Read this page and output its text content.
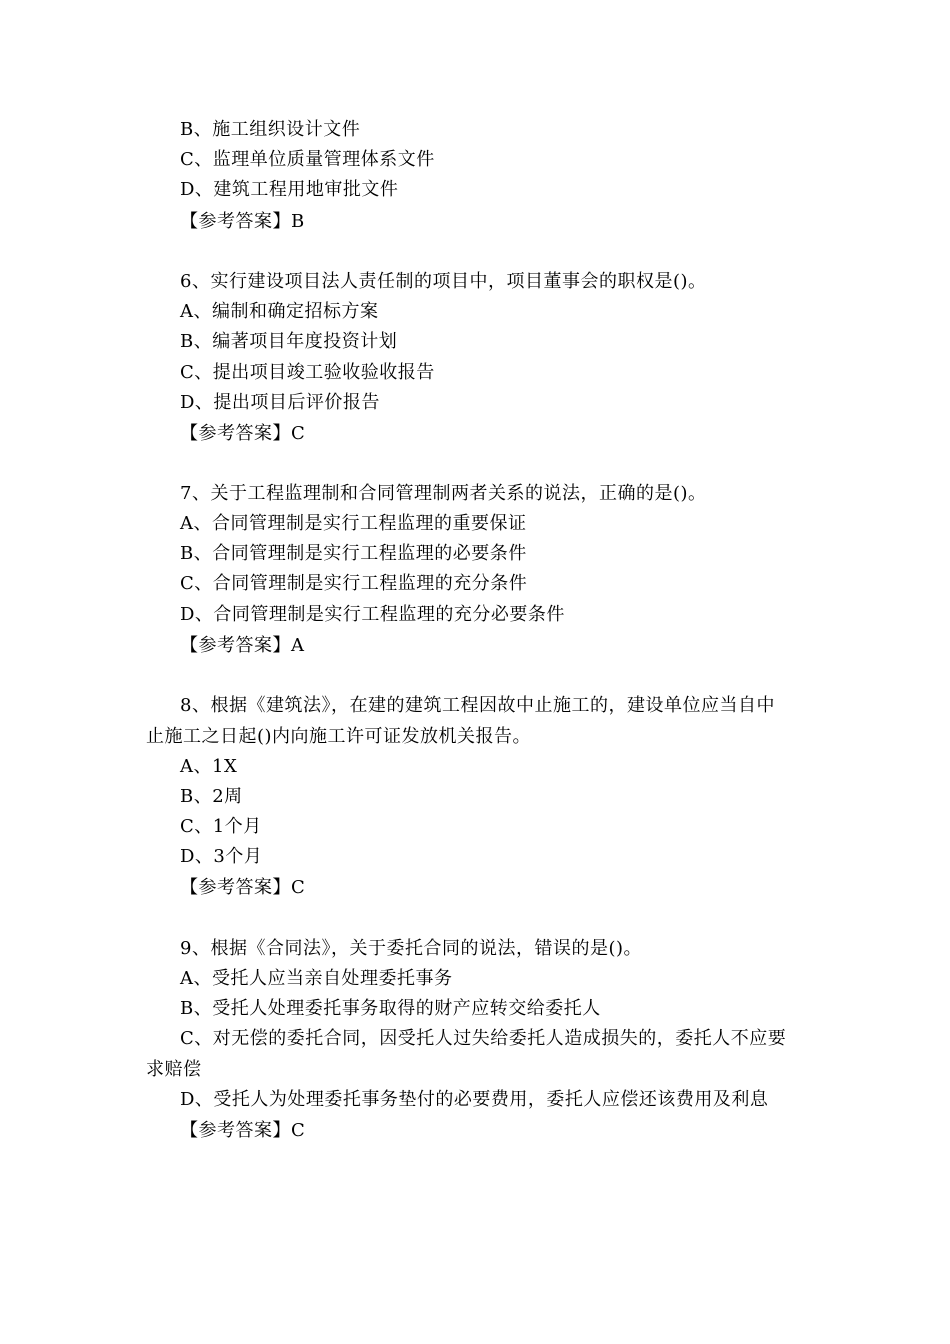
B、施工组织设计文件
C、监理单位质量管理体系文件
D、建筑工程用地审批文件
【参考答案】B
6、实行建设项目法人责任制的项目中，项目董事会的职权是()。
A、编制和确定招标方案
B、编著项目年度投资计划
C、提出项目竣工验收验收报告
D、提出项目后评价报告
【参考答案】C
7、关于工程监理制和合同管理制两者关系的说法，正确的是()。
A、合同管理制是实行工程监理的重要保证
B、合同管理制是实行工程监理的必要条件
C、合同管理制是实行工程监理的充分条件
D、合同管理制是实行工程监理的充分必要条件
【参考答案】A
8、根据《建筑法》，在建的建筑工程因故中止施工的，建设单位应当自中
止施工之日起()内向施工许可证发放机关报告。
A、1X
B、2周
C、1个月
D、3个月
【参考答案】C
9、根据《合同法》，关于委托合同的说法，错误的是()。
A、受托人应当亲自处理委托事务
B、受托人处理委托事务取得的财产应转交给委托人
C、对无偿的委托合同，因受托人过失给委托人造成损失的，委托人不应要
求赔偿
D、受托人为处理委托事务垫付的必要费用，委托人应偿还该费用及利息
【参考答案】C
